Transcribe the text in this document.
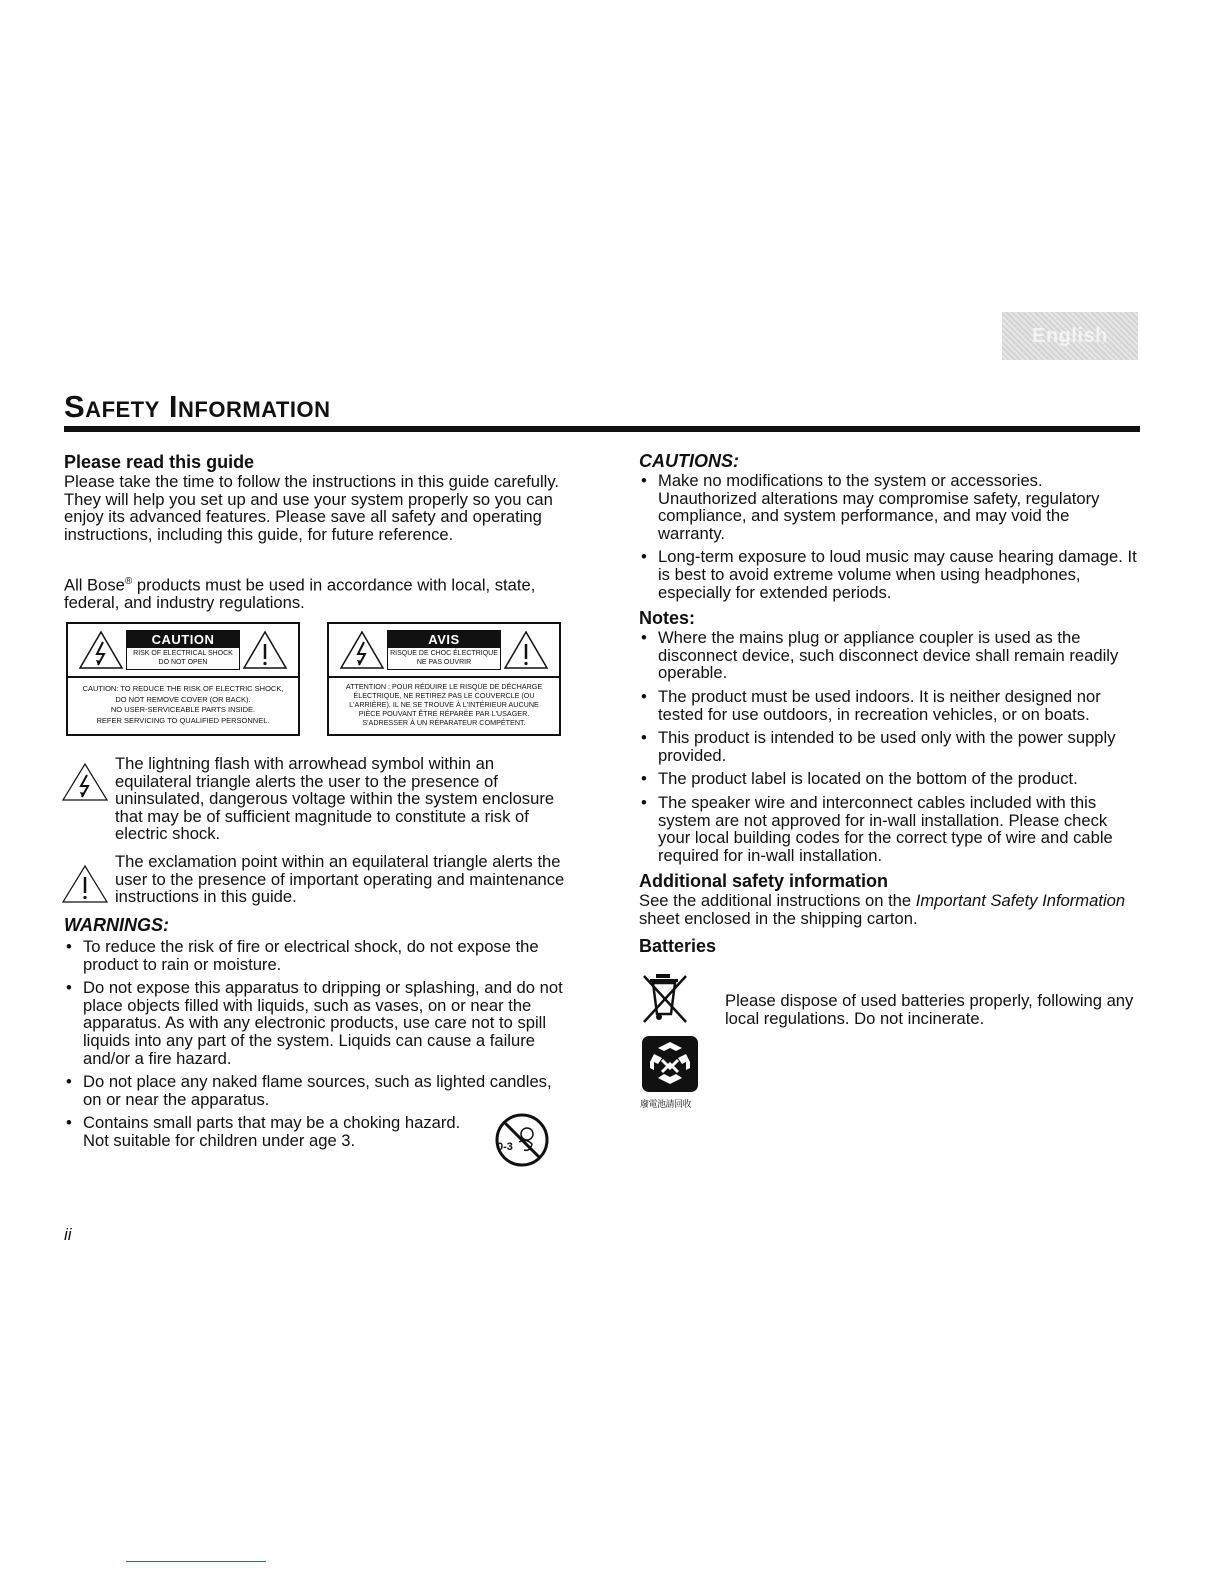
English
Safety Information
Please read this guide

Please take the time to follow the instructions in this guide carefully. They will help you set up and use your system properly so you can enjoy its advanced features. Please save all safety and operating instructions, including this guide, for future reference.

All Bose® products must be used in accordance with local, state, federal, and industry regulations.
CAUTION
RISK OF ELECTRICAL SHOCK
DO NOT OPEN
CAUTION: TO REDUCE THE RISK OF ELECTRIC SHOCK,
DO NOT REMOVE COVER (OR BACK).
NO USER-SERVICEABLE PARTS INSIDE.
REFER SERVICING TO QUALIFIED PERSONNEL.
AVIS
RISQUE DE CHOC ÉLECTRIQUE
NE PAS OUVRIR
ATTENTION : POUR RÉDUIRE LE RISQUE DE DÉCHARGE
ÉLECTRIQUE, NE RETIREZ PAS LE COUVERCLE (OU
L'ARRIÈRE). IL NE SE TROUVE À L'INTÉRIEUR AUCUNE
PIÈCE POUVANT ÊTRE RÉPARÉE PAR L'USAGER.
S'ADRESSER À UN RÉPARATEUR COMPÉTENT.
The lightning flash with arrowhead symbol within an equilateral triangle alerts the user to the presence of uninsulated, dangerous voltage within the system enclosure that may be of sufficient magnitude to constitute a risk of electric shock.
The exclamation point within an equilateral triangle alerts the user to the presence of important operating and maintenance instructions in this guide.
WARNINGS:
• To reduce the risk of fire or electrical shock, do not expose the product to rain or moisture.
• Do not expose this apparatus to dripping or splashing, and do not place objects filled with liquids, such as vases, on or near the apparatus. As with any electronic products, use care not to spill liquids into any part of the system. Liquids can cause a failure and/or a fire hazard.
• Do not place any naked flame sources, such as lighted candles, on or near the apparatus.
• Contains small parts that may be a choking hazard. Not suitable for children under age 3.	0-3
CAUTIONS:
• Make no modifications to the system or accessories. Unauthorized alterations may compromise safety, regulatory compliance, and system performance, and may void the warranty.
• Long-term exposure to loud music may cause hearing damage. It is best to avoid extreme volume when using headphones, especially for extended periods.
Notes:
• Where the mains plug or appliance coupler is used as the disconnect device, such disconnect device shall remain readily operable.
• The product must be used indoors. It is neither designed nor tested for use outdoors, in recreation vehicles, or on boats.
• This product is intended to be used only with the power supply provided.
• The product label is located on the bottom of the product.
• The speaker wire and interconnect cables included with this system are not approved for in-wall installation. Please check your local building codes for the correct type of wire and cable required for in-wall installation.
Additional safety information

See the additional instructions on the Important Safety Information sheet enclosed in the shipping carton.

Batteries
廢電池請回收
Please dispose of used batteries properly, following any local regulations. Do not incinerate.
ii
